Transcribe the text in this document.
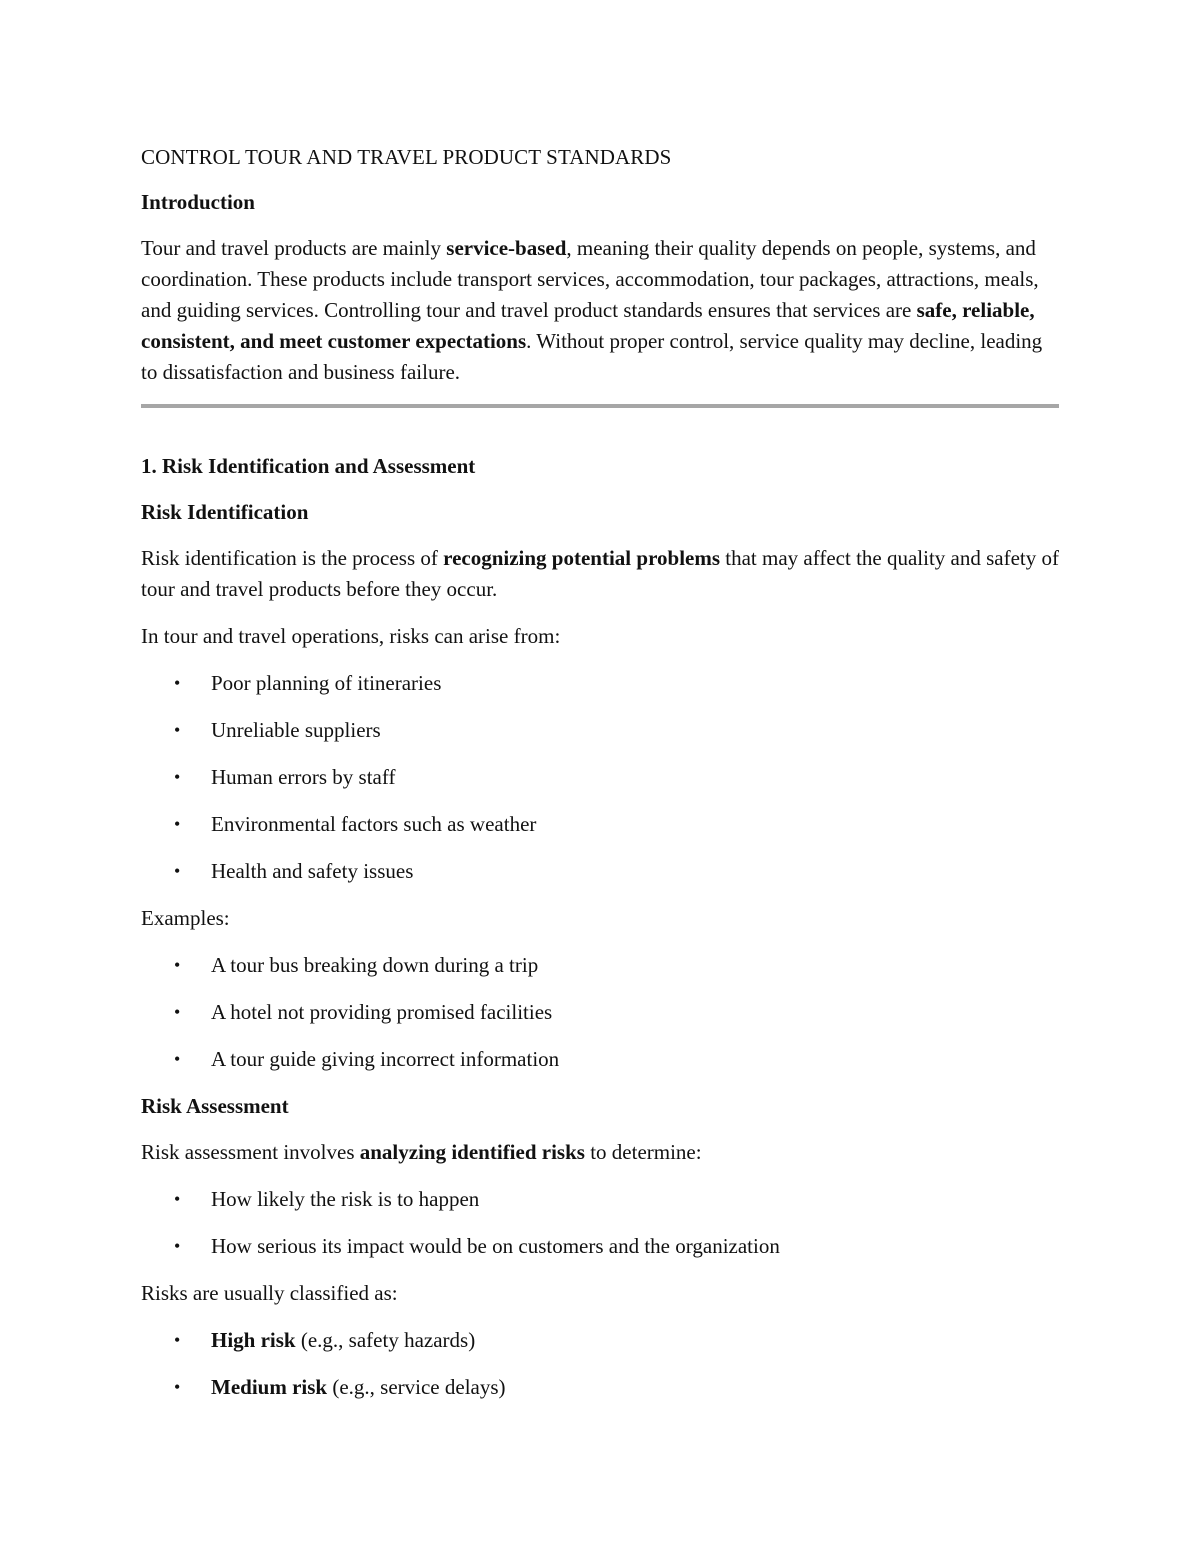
CONTROL TOUR AND TRAVEL PRODUCT STANDARDS

Introduction

Tour and travel products are mainly service-based, meaning their quality depends on people, systems, and coordination. These products include transport services, accommodation, tour packages, attractions, meals, and guiding services. Controlling tour and travel product standards ensures that services are safe, reliable, consistent, and meet customer expectations. Without proper control, service quality may decline, leading to dissatisfaction and business failure.

1. Risk Identification and Assessment

Risk Identification

Risk identification is the process of recognizing potential problems that may affect the quality and safety of tour and travel products before they occur.

In tour and travel operations, risks can arise from:

• Poor planning of itineraries
• Unreliable suppliers
• Human errors by staff
• Environmental factors such as weather
• Health and safety issues

Examples:

• A tour bus breaking down during a trip
• A hotel not providing promised facilities
• A tour guide giving incorrect information

Risk Assessment

Risk assessment involves analyzing identified risks to determine:

• How likely the risk is to happen
• How serious its impact would be on customers and the organization

Risks are usually classified as:

• High risk (e.g., safety hazards)
• Medium risk (e.g., service delays)
